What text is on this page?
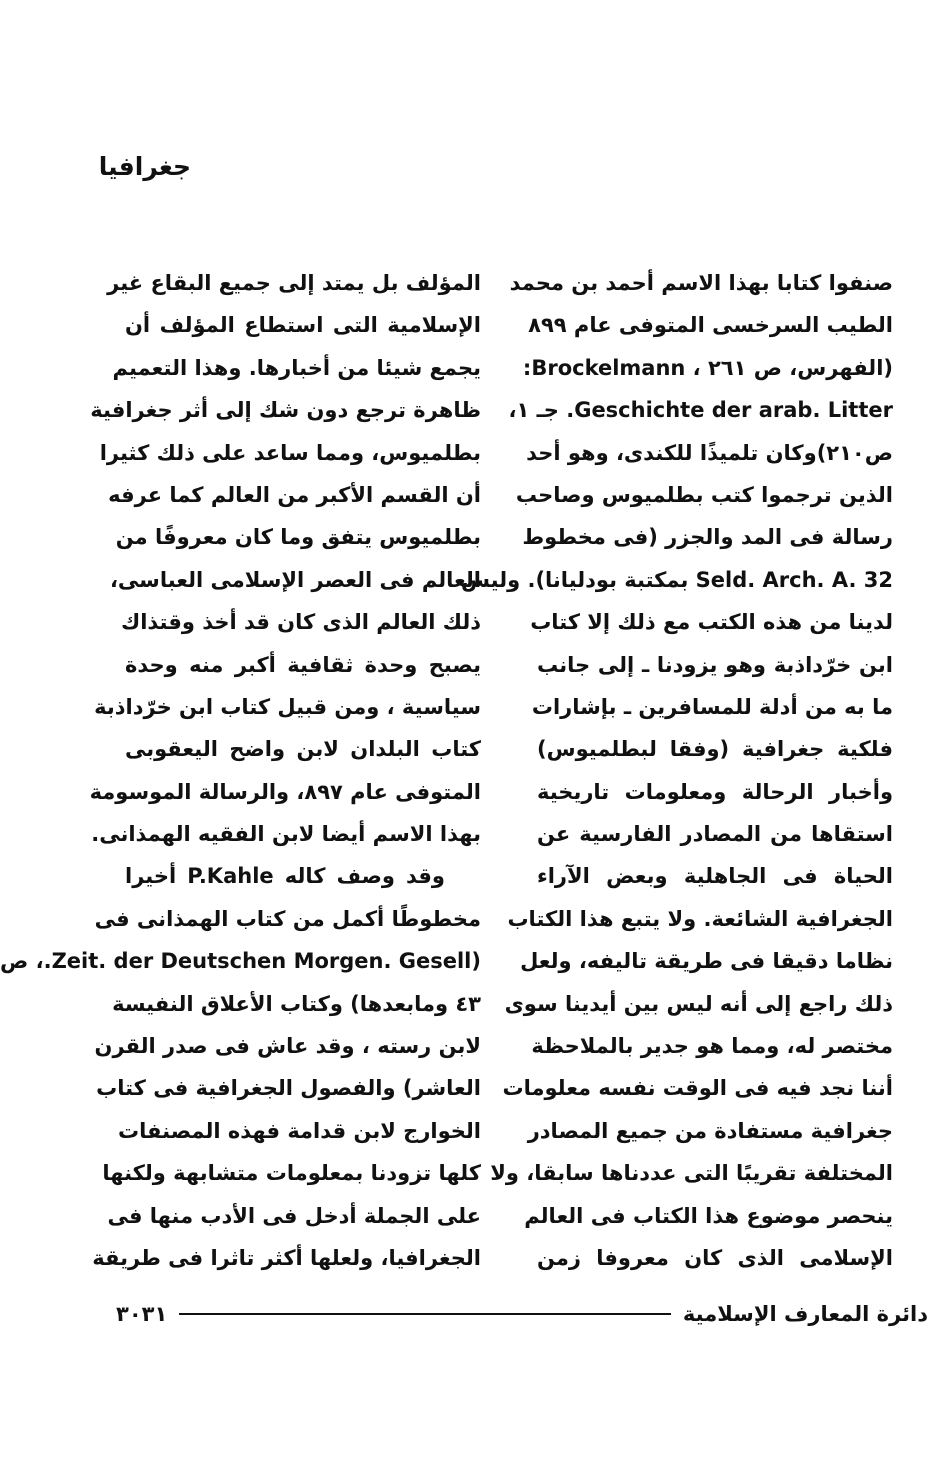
جغرافيا
صنفوا كتابا بهذا الاسم أحمد بن محمد
الطيب السرخسى المتوفى عام ٨٩٩
(الفهرس، ص ٢٦١ ، Brockelmann:
Geschichte der arab. Litter. جـ ١،
ص٢١٠)وكان تلميذًا للكندى، وهو أحد
الذين ترجموا كتب بطلميوس وصاحب
رسالة فى المد والجزر (فى مخطوط
Seld. Arch. A. 32 بمكتبة بودليانا). وليس
لدينا من هذه الكتب مع ذلك إلا كتاب
ابن خرّداذبة وهو يزودنا ـ إلى جانب
ما به من أدلة للمسافرين ـ بإشارات
فلكية جغرافية (وفقا لبطلميوس)
وأخبار الرحالة ومعلومات تاريخية
استقاها من المصادر الفارسية عن
الحياة فى الجاهلية وبعض الآراء
الجغرافية الشائعة. ولا يتبع هذا الكتاب
نظاما دقيقا فى طريقة تاليفه، ولعل
ذلك راجع إلى أنه ليس بين أيدينا سوى
مختصر له، ومما هو جدير بالملاحظة
أننا نجد فيه فى الوقت نفسه معلومات
جغرافية مستفادة من جميع المصادر
المختلفة تقريبًا التى عددناها سابقا، ولا
ينحصر موضوع هذا الكتاب فى العالم
الإسلامى الذى كان معروفا زمن
المؤلف بل يمتد إلى جميع البقاع غير
الإسلامية التى استطاع المؤلف أن
يجمع شيئا من أخبارها. وهذا التعميم
ظاهرة ترجع دون شك إلى أثر جغرافية
بطلميوس، ومما ساعد على ذلك كثيرا
أن القسم الأكبر من العالم كما عرفه
بطلميوس يتفق وما كان معروفًا من
العالم فى العصر الإسلامى العباسى،
ذلك العالم الذى كان قد أخذ وقتذاك
يصبح وحدة ثقافية أكبر منه وحدة
سياسية ، ومن قبيل كتاب ابن خرّداذبة
كتاب البلدان لابن واضح اليعقوبى
المتوفى عام ٨٩٧، والرسالة الموسومة
بهذا الاسم أيضا لابن الفقيه الهمذانى.
وقد وصف كاله P.Kahle أخيرا
مخطوطًا أكمل من كتاب الهمذانى فى
(Zeit. der Deutschen Morgen. Gesell.، ص
٤٣ ومابعدها) وكتاب الأعلاق النفيسة
لابن رسته ، وقد عاش فى صدر القرن
العاشر) والفصول الجغرافية فى كتاب
الخوارج لابن قدامة فهذه المصنفات
كلها تزودنا بمعلومات متشابهة ولكنها
على الجملة أدخل فى الأدب منها فى
الجغرافيا، ولعلها أكثر تاثرا فى طريقة
دائرة المعارف الإسلامية
٣٠٣١
